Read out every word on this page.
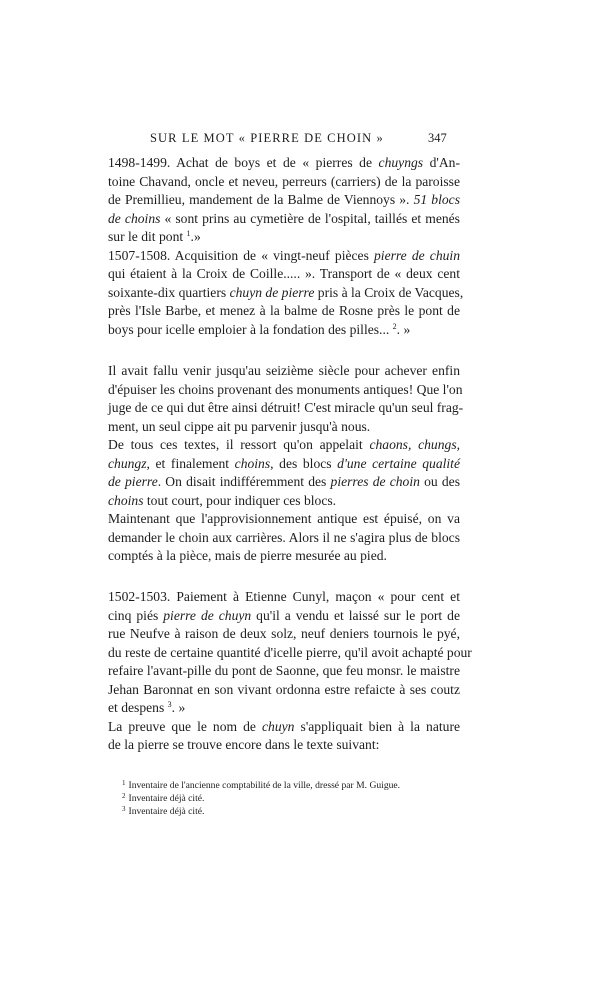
SUR LE MOT « PIERRE DE CHOIN »	347

1498-1499. Achat de boys et de « pierres de chuyngs d'An-
toine Chavand, oncle et neveu, perreurs (carriers) de la paroisse
de Premillieu, mandement de la Balme de Viennoys ». 51 blocs
de choins « sont prins au cymetière de l'ospital, taillés et menés
sur le dit pont $^1$.»

1507-1508. Acquisition de « vingt-neuf pièces pierre de chuin
qui étaient à la Croix de Coille..... ». Transport de « deux cent
soixante-dix quartiers chuyn de pierre pris à la Croix de Vacques,
près l'Isle Barbe, et menez à la balme de Rosne près le pont de
boys pour icelle emploier à la fondation des pilles... $^2$. »

Il avait fallu venir jusqu'au seizième siècle pour achever enfin
d'épuiser les choins provenant des monuments antiques! Que l'on
juge de ce qui dut être ainsi détruit! C'est miracle qu'un seul frag-
ment, un seul cippe ait pu parvenir jusqu'à nous.

De tous ces textes, il ressort qu'on appelait chaons, chungs,
chungz, et finalement choins, des blocs d'une certaine qualité
de pierre. On disait indifféremment des pierres de choin ou des
choins tout court, pour indiquer ces blocs.

Maintenant que l'approvisionnement antique est épuisé, on va
demander le choin aux carrières. Alors il ne s'agira plus de blocs
comptés à la pièce, mais de pierre mesurée au pied.

1502-1503. Paiement à Etienne Cunyl, maçon « pour cent et
cinq piés pierre de chuyn qu'il a vendu et laissé sur le port de
rue Neufve à raison de deux solz, neuf deniers tournois le pyé,
du reste de certaine quantité d'icelle pierre, qu'il avoit achapté pour
refaire l'avant-pille du pont de Saonne, que feu monsr. le maistre
Jehan Baronnat en son vivant ordonna estre refaicte à ses coutz
et despens $^3$. »

La preuve que le nom de chuyn s'appliquait bien à la nature
de la pierre se trouve encore dans le texte suivant:

$^1$ Inventaire de l'ancienne comptabilité de la ville, dressé par M. Guigue.
$^2$ Inventaire déjà cité.
$^3$ Inventaire déjà cité.
